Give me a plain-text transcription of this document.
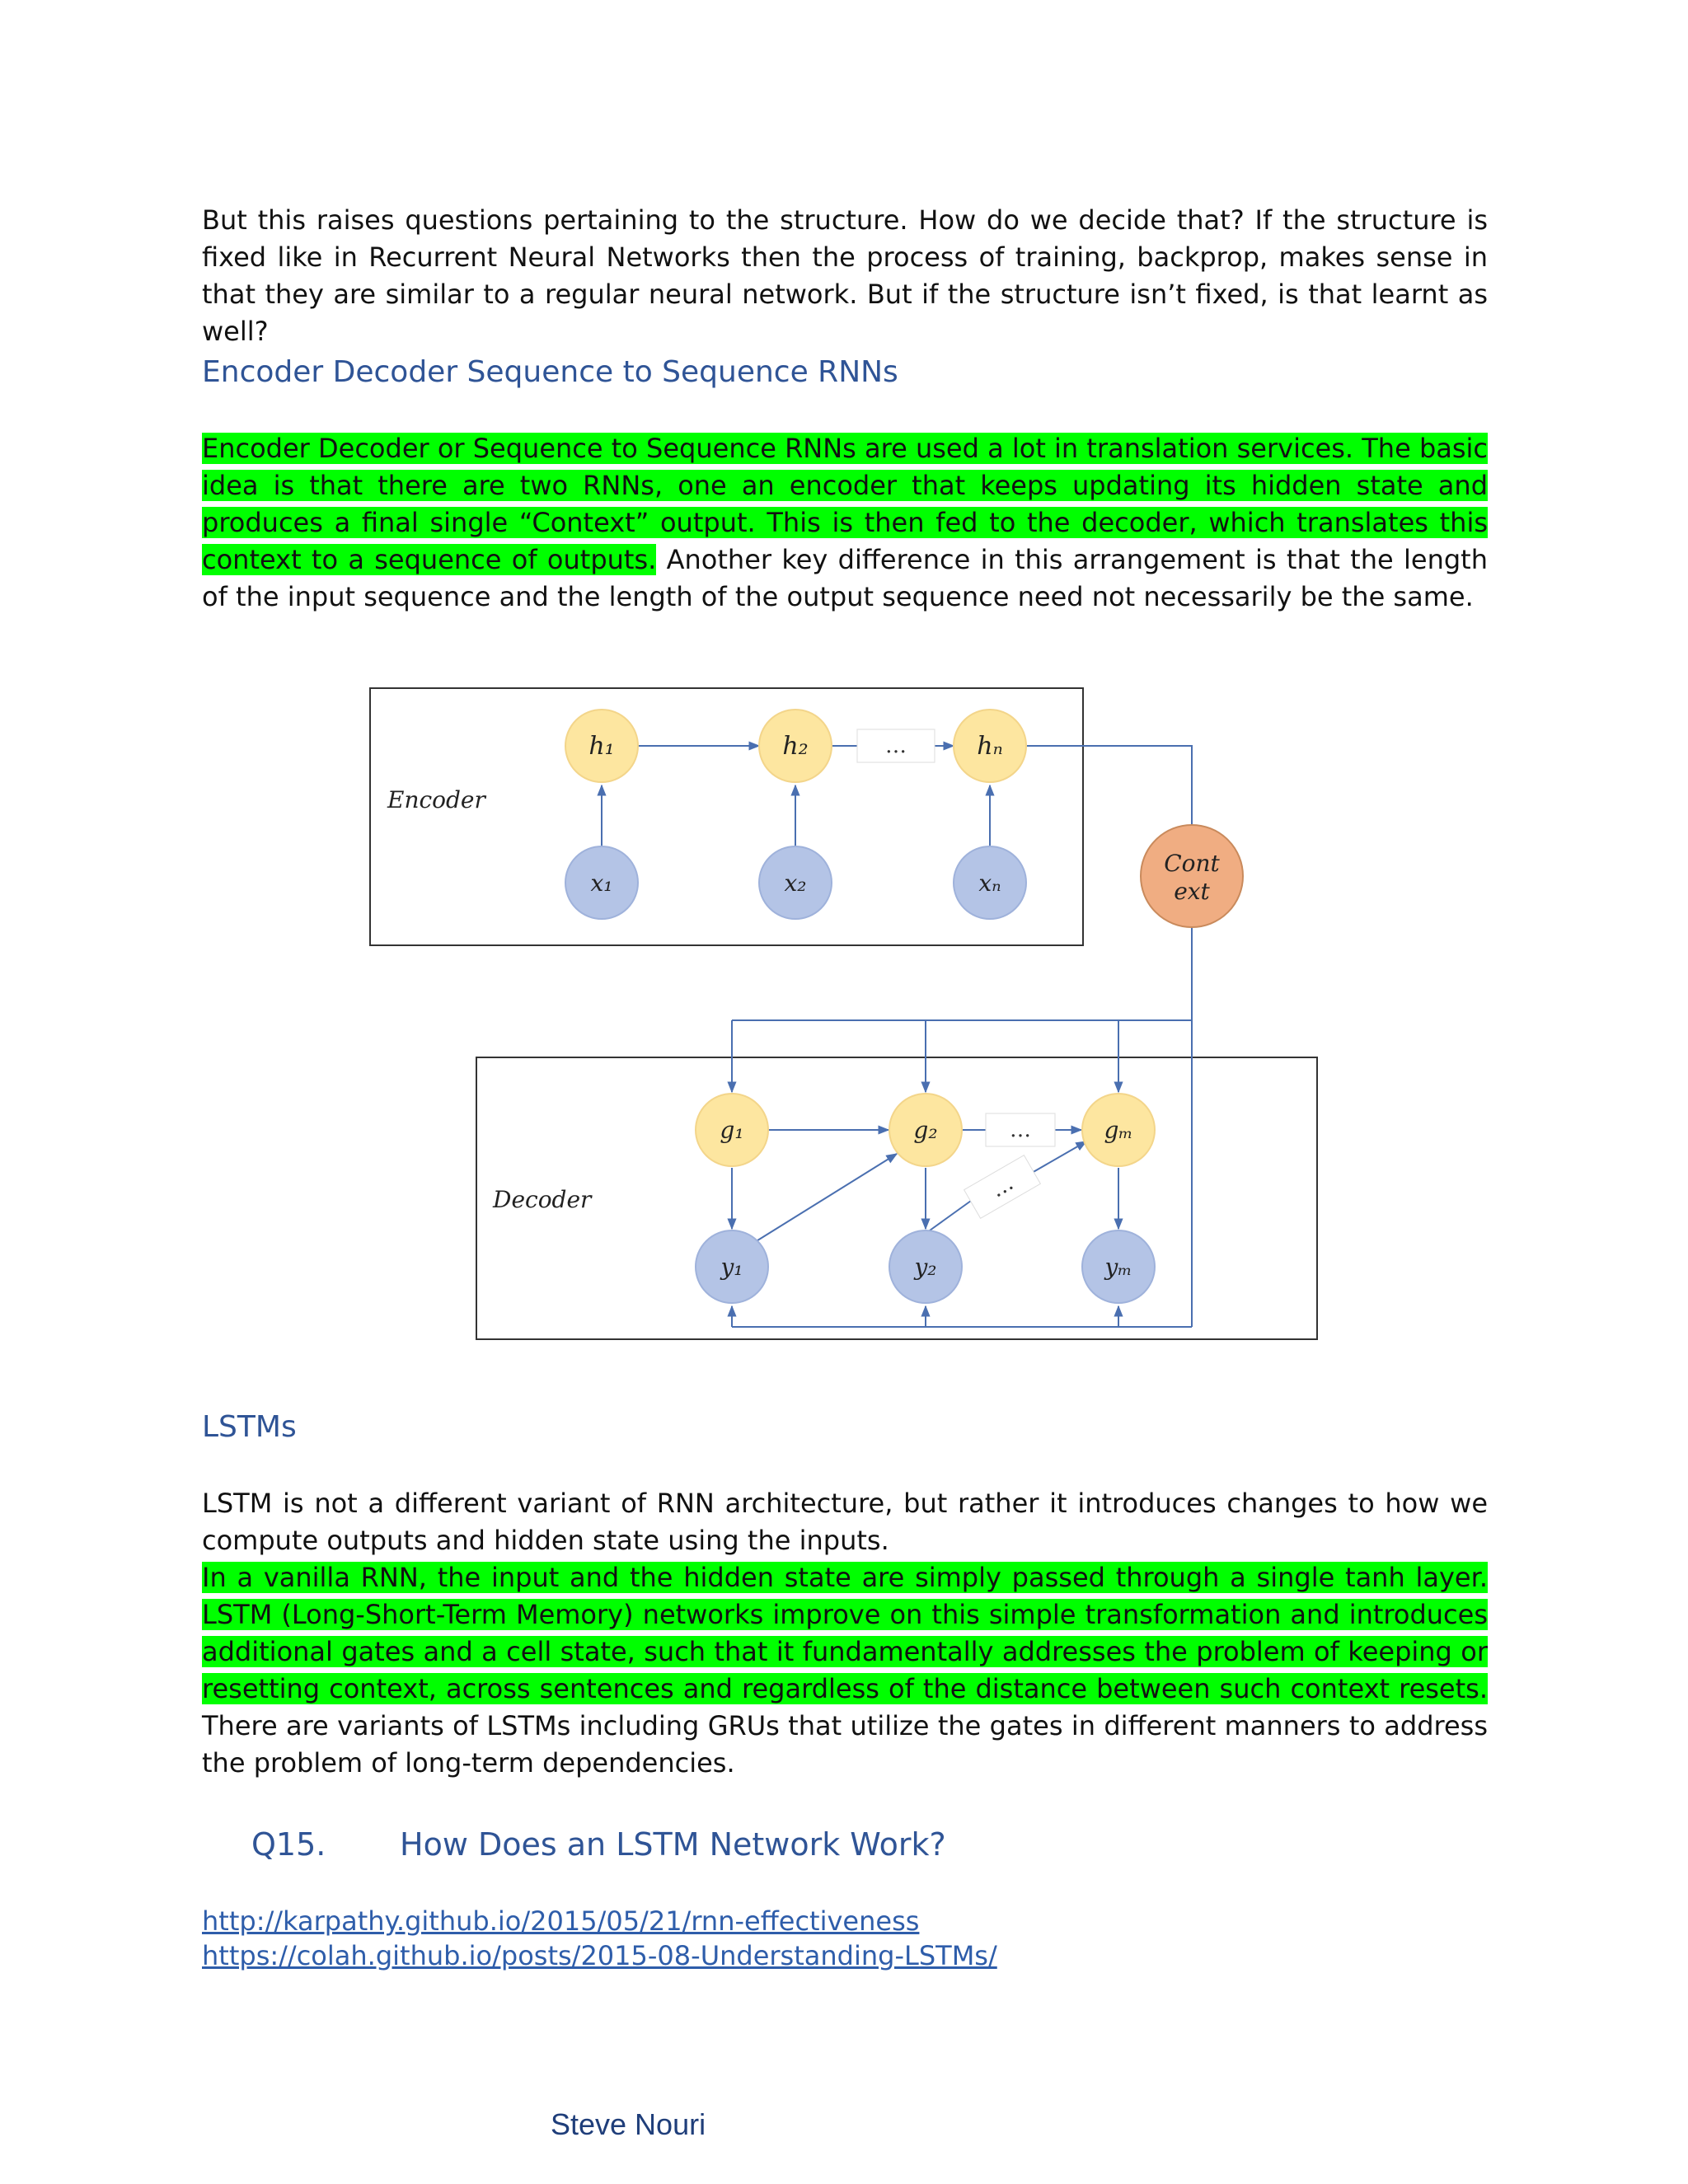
But this raises questions pertaining to the structure. How do we decide that? If the structure is fixed like in Recurrent Neural Networks then the process of training, backprop, makes sense in that they are similar to a regular neural network. But if the structure isn’t fixed, is that learnt as well?

Encoder Decoder Sequence to Sequence RNNs

Encoder Decoder or Sequence to Sequence RNNs are used a lot in translation services. The basic idea is that there are two RNNs, one an encoder that keeps updating its hidden state and produces a final single “Context” output. This is then fed to the decoder, which translates this context to a sequence of outputs. Another key difference in this arrangement is that the length of the input sequence and the length of the output sequence need not necessarily be the same.

Encoder
Decoder
…
…
…
h₁	h₂	hₙ
x₁	x₂	xₙ
Cont
ext
g₁	g₂	gₘ
y₁	y₂	yₘ
LSTMs

LSTM is not a different variant of RNN architecture, but rather it introduces changes to how we compute outputs and hidden state using the inputs.

In a vanilla RNN, the input and the hidden state are simply passed through a single tanh layer. LSTM (Long-Short-Term Memory) networks improve on this simple transformation and introduces additional gates and a cell state, such that it fundamentally addresses the problem of keeping or resetting context, across sentences and regardless of the distance between such context resets. There are variants of LSTMs including GRUs that utilize the gates in different manners to address the problem of long-term dependencies.

Q15. How Does an LSTM Network Work?
http://karpathy.github.io/2015/05/21/rnn-effectiveness
https://colah.github.io/posts/2015-08-Understanding-LSTMs/
Steve Nouri
